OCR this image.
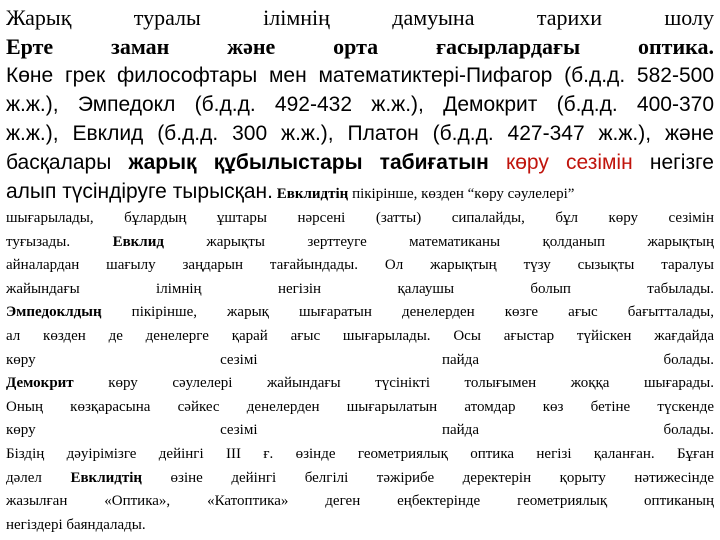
Жарық туралы ілімнің дамуына тарихи шолу
Ерте заман және орта ғасырлардағы оптика.
Көне грек философтары мен математиктері-Пифагор (б.д.д. 582-500
ж.ж.), Эмпедокл (б.д.д. 492-432 ж.ж.), Демокрит (б.д.д. 400-370
ж.ж.), Евклид (б.д.д. 300 ж.ж.), Платон (б.д.д. 427-347 ж.ж.), және
басқалары жарық құбылыстары табиғатын көру сезімін негізге
алып түсіндіруге тырысқан. Евклидтің пікірінше, көзден “көру сәулелері”
шығарылады, бұлардың ұштары нәрсені (затты) сипалайды, бұл көру сезімін
туғызады. Евклид жарықты зерттеуге математиканы қолданып жарықтың
айналардан шағылу заңдарын тағайындады. Ол жарықтың түзу сызықты таралуы
жайындағы ілімнің негізін қалаушы болып табылады.
Эмпедоклдың пікірінше, жарық шығаратын денелерден көзге ағыс бағытталады,
ал көзден де денелерге қарай ағыс шығарылады. Осы ағыстар түйіскен жағдайда
көру сезімі пайда болады.
Демокрит көру сәулелері жайындағы түсінікті толығымен жоққа шығарады.
Оның көзқарасына сәйкес денелерден шығарылатын атомдар көз бетіне түскенде
көру сезімі пайда болады.
Біздің дәуірімізге дейінгі ІІІ ғ. өзінде геометриялық оптика негізі қаланған. Бұған
дәлел Евклидтің өзіне дейінгі белгілі тәжірибе деректерін қорыту нәтижесінде
жазылған «Оптика», «Катоптика» деген еңбектерінде геометриялық оптиканың
негіздері баяндалады.
